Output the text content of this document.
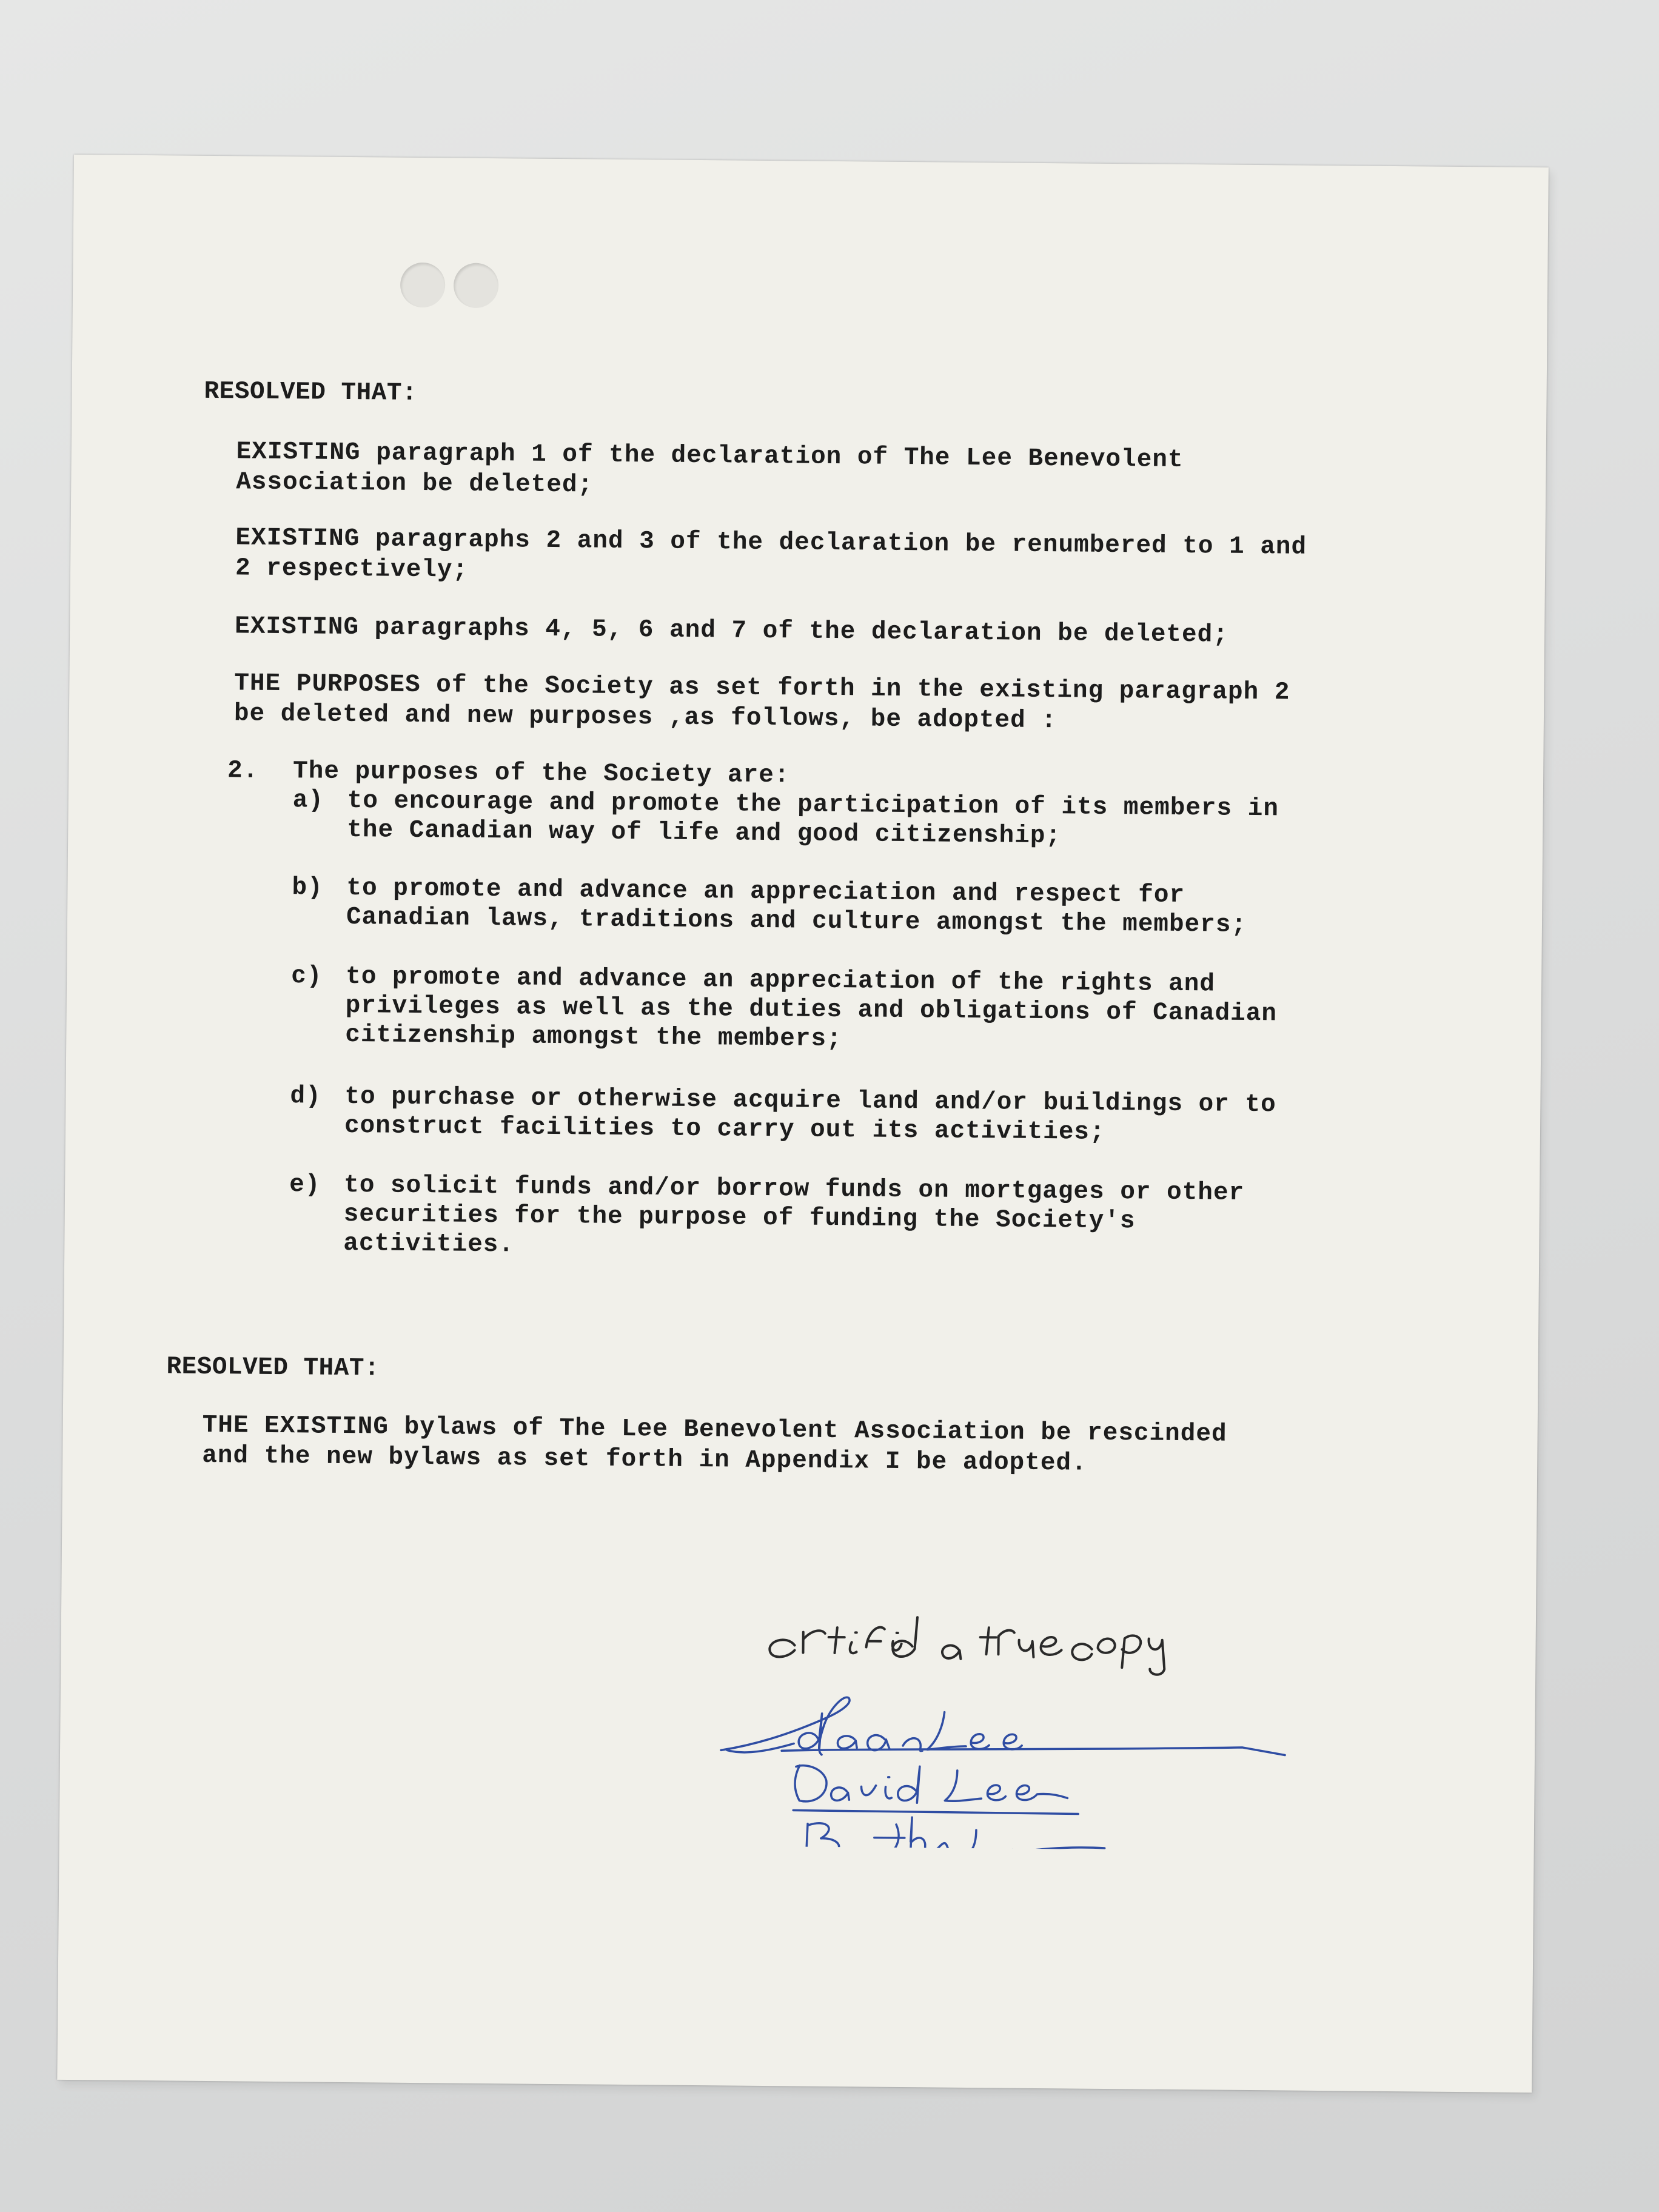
RESOLVED THAT:

EXISTING paragraph 1 of the declaration of The Lee Benevolent

Association be deleted;

EXISTING paragraphs 2 and 3 of the declaration be renumbered to 1 and

2 respectively;

EXISTING paragraphs 4, 5, 6 and 7 of the declaration be deleted;

THE PURPOSES of the Society as set forth in the existing paragraph 2

be deleted and new purposes ,as follows, be adopted :

2. The purposes of the Society are:

a) to encourage and promote the participation of its members in

the Canadian way of life and good citizenship;

b) to promote and advance an appreciation and respect for

Canadian laws, traditions and culture amongst the members;

c) to promote and advance an appreciation of the rights and

privileges as well as the duties and obligations of Canadian

citizenship amongst the members;

d) to purchase or otherwise acquire land and/or buildings or to

construct facilities to carry out its activities;

e) to solicit funds and/or borrow funds on mortgages or other

securities for the purpose of funding the Society's

activities.

RESOLVED THAT:

THE EXISTING bylaws of The Lee Benevolent Association be rescinded

and the new bylaws as set forth in Appendix I be adopted.
